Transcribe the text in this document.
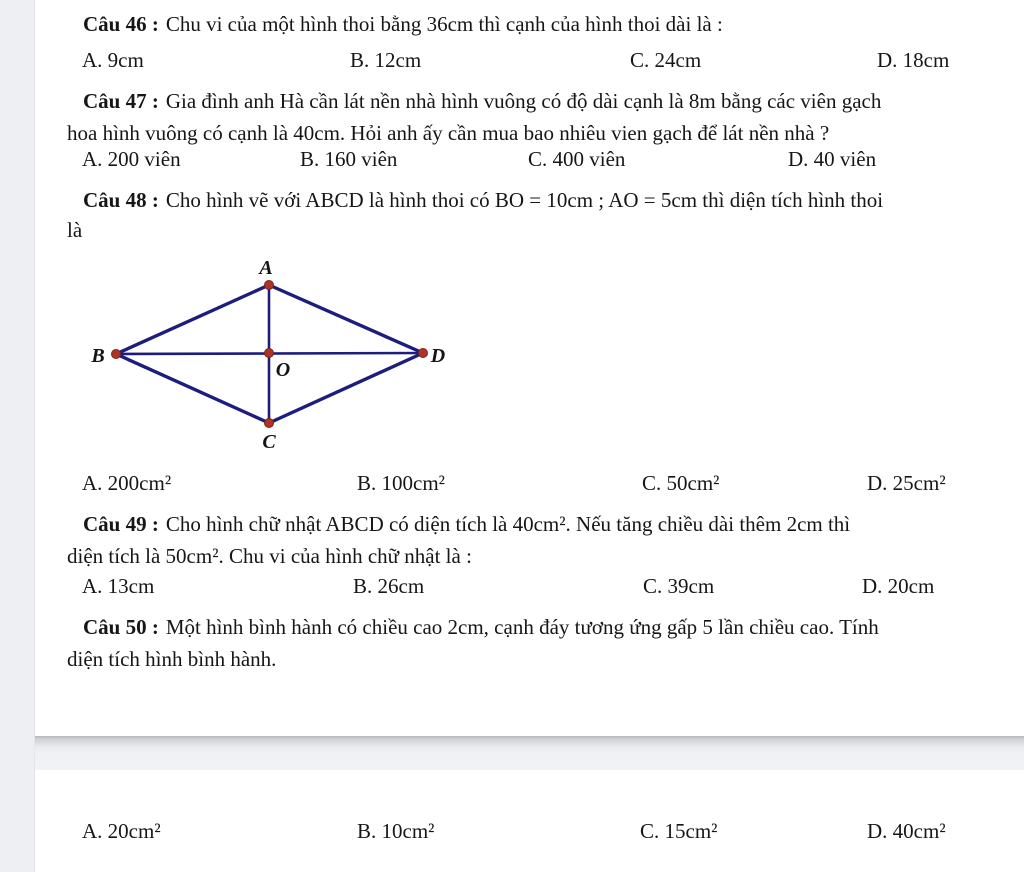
Câu 46 : Chu vi của một hình thoi bằng 36cm thì cạnh của hình thoi dài là :
A. 9cm	B. 12cm	C. 24cm	D. 18cm
Câu 47 : Gia đình anh Hà cần lát nền nhà hình vuông có độ dài cạnh là 8m bằng các viên gạch
hoa hình vuông có cạnh là 40cm. Hỏi anh ấy cần mua bao nhiêu vien gạch để lát nền nhà ?
A. 200 viên	B. 160 viên	C. 400 viên	D. 40 viên
Câu 48 : Cho hình vẽ với ABCD là hình thoi có BO = 10cm ; AO = 5cm thì diện tích hình thoi
là
A
B
C
D
O
A. 200cm²	B. 100cm²	C. 50cm²	D. 25cm²
Câu 49 : Cho hình chữ nhật ABCD có diện tích là 40cm². Nếu tăng chiều dài thêm 2cm thì
diện tích là 50cm². Chu vi của hình chữ nhật là :
A. 13cm	B. 26cm	C. 39cm	D. 20cm
Câu 50 : Một hình bình hành có chiều cao 2cm, cạnh đáy tương ứng gấp 5 lần chiều cao. Tính
diện tích hình bình hành.
A. 20cm²	B. 10cm²	C. 15cm²	D. 40cm²
